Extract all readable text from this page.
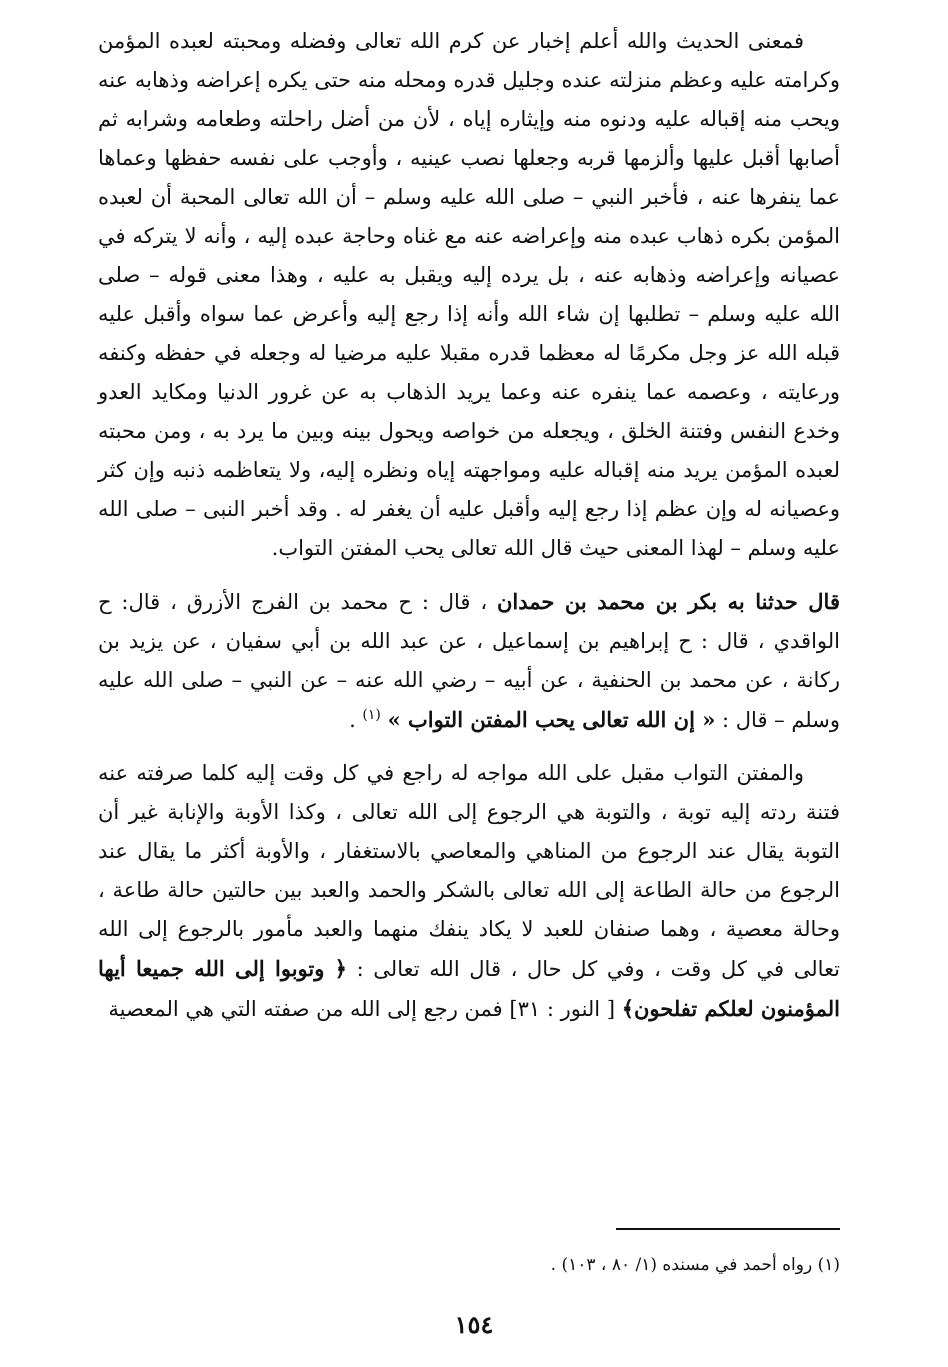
فمعنى الحديث والله أعلم إخبار عن كرم الله تعالى وفضله ومحبته لعبده المؤمن وكرامته عليه وعظم منزلته عنده وجليل قدره ومحله منه حتى يكره إعراضه وذهابه عنه ويحب منه إقباله عليه ودنوه منه وإيثاره إياه ، لأن من أضل راحلته وطعامه وشرابه ثم أصابها أقبل عليها وألزمها قربه وجعلها نصب عينيه ، وأوجب على نفسه حفظها وعماها عما ينفرها عنه ، فأخبر النبي – صلى الله عليه وسلم – أن الله تعالى المحبة أن لعبده المؤمن بكره ذهاب عبده منه وإعراضه عنه مع غناه وحاجة عبده إليه ، وأنه لا يتركه في عصيانه وإعراضه وذهابه عنه ، بل يرده إليه ويقبل به عليه ، وهذا معنى قوله – صلى الله عليه وسلم – تطلبها إن شاء الله وأنه إذا رجع إليه وأعرض عما سواه وأقبل عليه قبله الله عز وجل مكرمًا له معظما قدره مقبلا عليه مرضيا له وجعله في حفظه وكنفه ورعايته ، وعصمه عما ينفره عنه وعما يريد الذهاب به عن غرور الدنيا ومكايد العدو وخدع النفس وفتنة الخلق ، ويجعله من خواصه ويحول بينه وبين ما يرد به ، ومن محبته لعبده المؤمن يريد منه إقباله عليه ومواجهته إياه ونظره إليه، ولا يتعاظمه ذنبه وإن كثر وعصيانه له وإن عظم إذا رجع إليه وأقبل عليه أن يغفر له . وقد أخبر النبى – صلى الله عليه وسلم – لهذا المعنى حيث قال الله تعالى يحب المفتن التواب.

قال حدثنا به بكر بن محمد بن حمدان ، قال : ح محمد بن الفرج الأزرق ، قال: ح الواقدي ، قال : ح إبراهيم بن إسماعيل ، عن عبد الله بن أبي سفيان ، عن يزيد بن ركانة ، عن محمد بن الحنفية ، عن أبيه – رضي الله عنه – عن النبي – صلى الله عليه وسلم – قال : « إن الله تعالى يحب المفتن التواب » $^{(١)}$ .

والمفتن التواب مقبل على الله مواجه له راجع في كل وقت إليه كلما صرفته عنه فتنة ردته إليه توبة ، والتوبة هي الرجوع إلى الله تعالى ، وكذا الأوبة والإنابة غير أن التوبة يقال عند الرجوع من المناهي والمعاصي بالاستغفار ، والأوبة أكثر ما يقال عند الرجوع من حالة الطاعة إلى الله تعالى بالشكر والحمد والعبد بين حالتين حالة طاعة ، وحالة معصية ، وهما صنفان للعبد لا يكاد ينفك منهما والعبد مأمور بالرجوع إلى الله تعالى في كل وقت ، وفي كل حال ، قال الله تعالى : ﴿ وتوبوا إلى الله جميعا أيها المؤمنون لعلكم تفلحون﴾ [ النور : ٣١] فمن رجع إلى الله من صفته التي هي المعصية

(١) رواه أحمد في مسنده (١/ ٨٠ ، ١٠٣) .
١٥٤
